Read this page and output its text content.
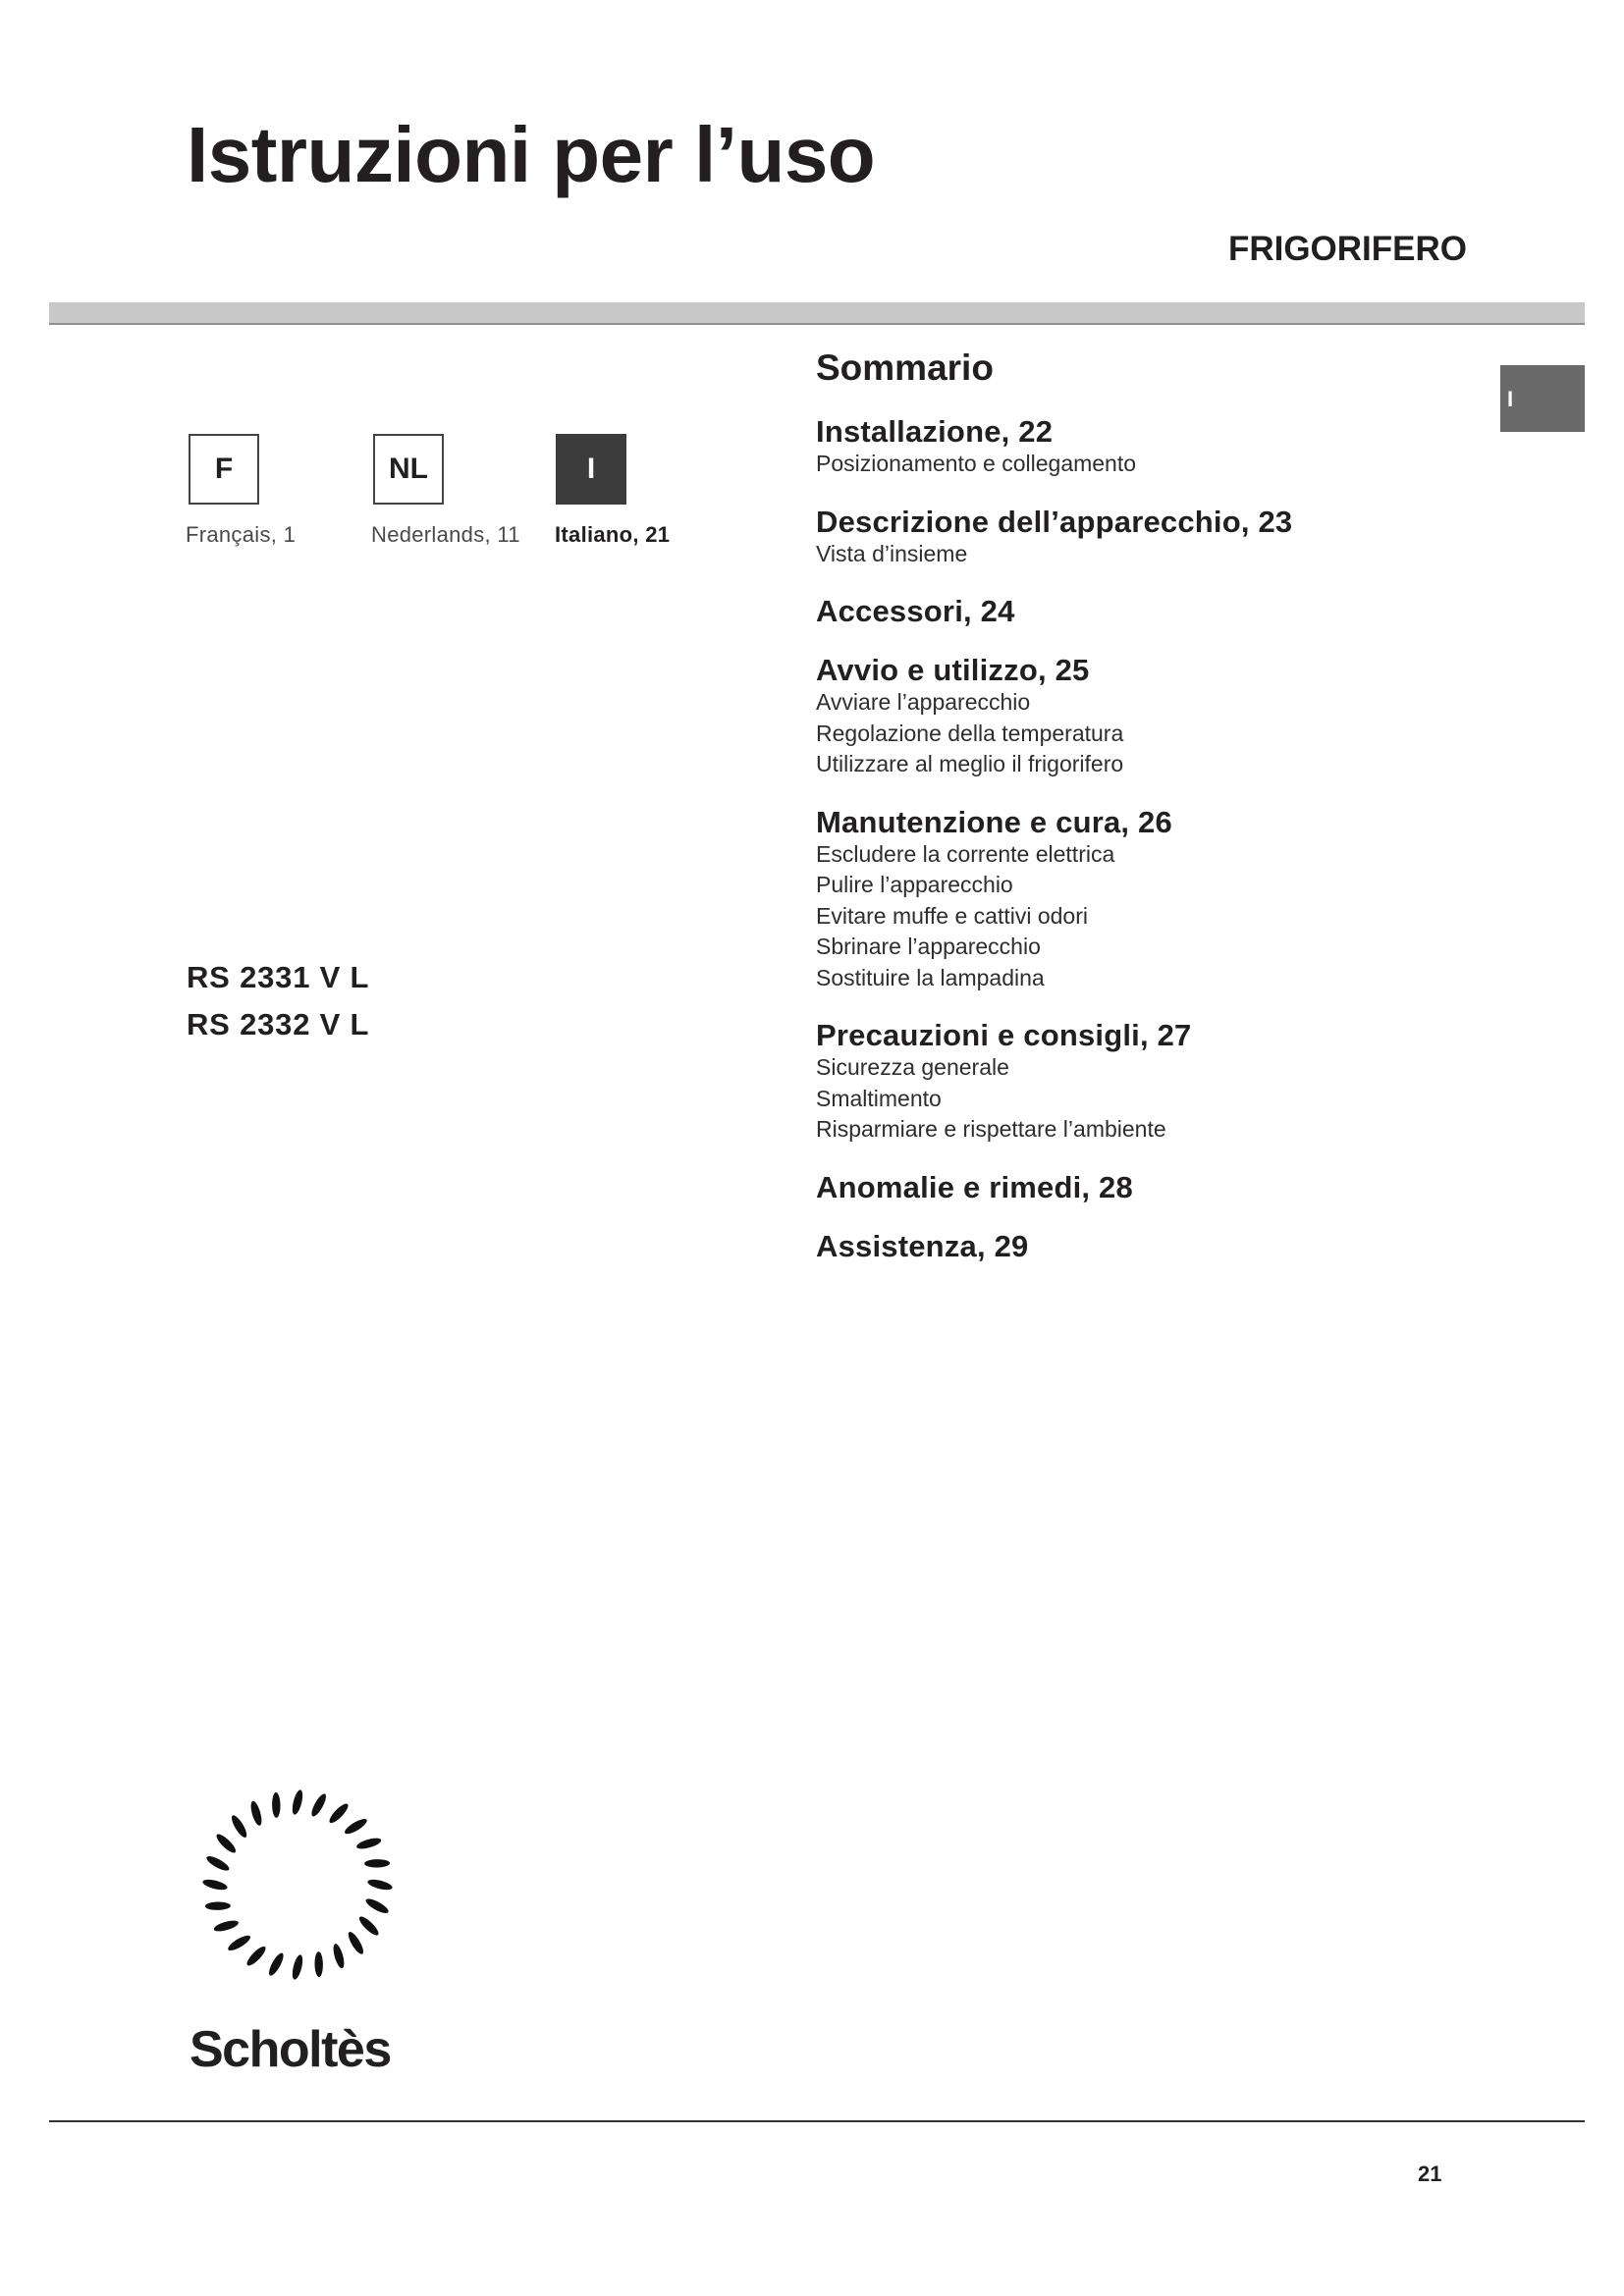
Istruzioni per l’uso
FRIGORIFERO
I
F	NL	I
Français, 1	Nederlands, 11 Italiano, 21
RS 2331 V L
RS 2332 V L
Sommario
Installazione, 22
Posizionamento e collegamento
Descrizione dell’apparecchio, 23
Vista d’insieme
Accessori, 24
Avvio e utilizzo, 25
Avviare l’apparecchio
Regolazione della temperatura
Utilizzare al meglio il frigorifero
Manutenzione e cura, 26
Escludere la corrente elettrica
Pulire l’apparecchio
Evitare muffe e cattivi odori
Sbrinare l’apparecchio
Sostituire la lampadina
Precauzioni e consigli, 27
Sicurezza generale
Smaltimento
Risparmiare e rispettare l’ambiente
Anomalie e rimedi, 28
Assistenza, 29
Scholtès
21
